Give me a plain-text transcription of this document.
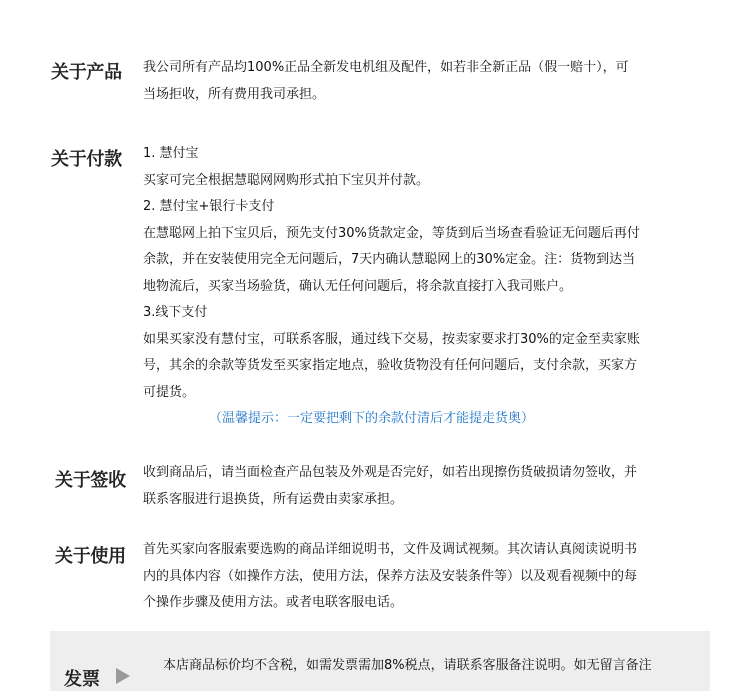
关于产品 我公司所有产品均100%正品全新发电机组及配件，如若非全新正品（假一赔十），可
当场拒收，所有费用我司承担。
关于付款 1. 慧付宝
买家可完全根据慧聪网网购形式拍下宝贝并付款。
2. 慧付宝+银行卡支付
在慧聪网上拍下宝贝后，预先支付30%货款定金，等货到后当场查看验证无问题后再付
余款，并在安装使用完全无问题后，7天内确认慧聪网上的30%定金。注：货物到达当
地物流后，买家当场验货，确认无任何问题后，将余款直接打入我司账户。
3.线下支付
如果买家没有慧付宝，可联系客服，通过线下交易，按卖家要求打30%的定金至卖家账
号，其余的余款等货发至买家指定地点，验收货物没有任何问题后，支付余款，买家方
可提货。
（温馨提示：一定要把剩下的余款付清后才能提走货奥）
关于签收 收到商品后，请当面检查产品包装及外观是否完好，如若出现擦伤货破损请勿签收，并
联系客服进行退换货，所有运费由卖家承担。
关于使用 首先买家向客服索要选购的商品详细说明书，文件及调试视频。其次请认真阅读说明书
内的具体内容（如操作方法，使用方法，保养方法及安装条件等）以及观看视频中的每
个操作步骤及使用方法。或者电联客服电话。
发票
本店商品标价均不含税，如需发票需加8%税点，请联系客服备注说明。如无留言备注
